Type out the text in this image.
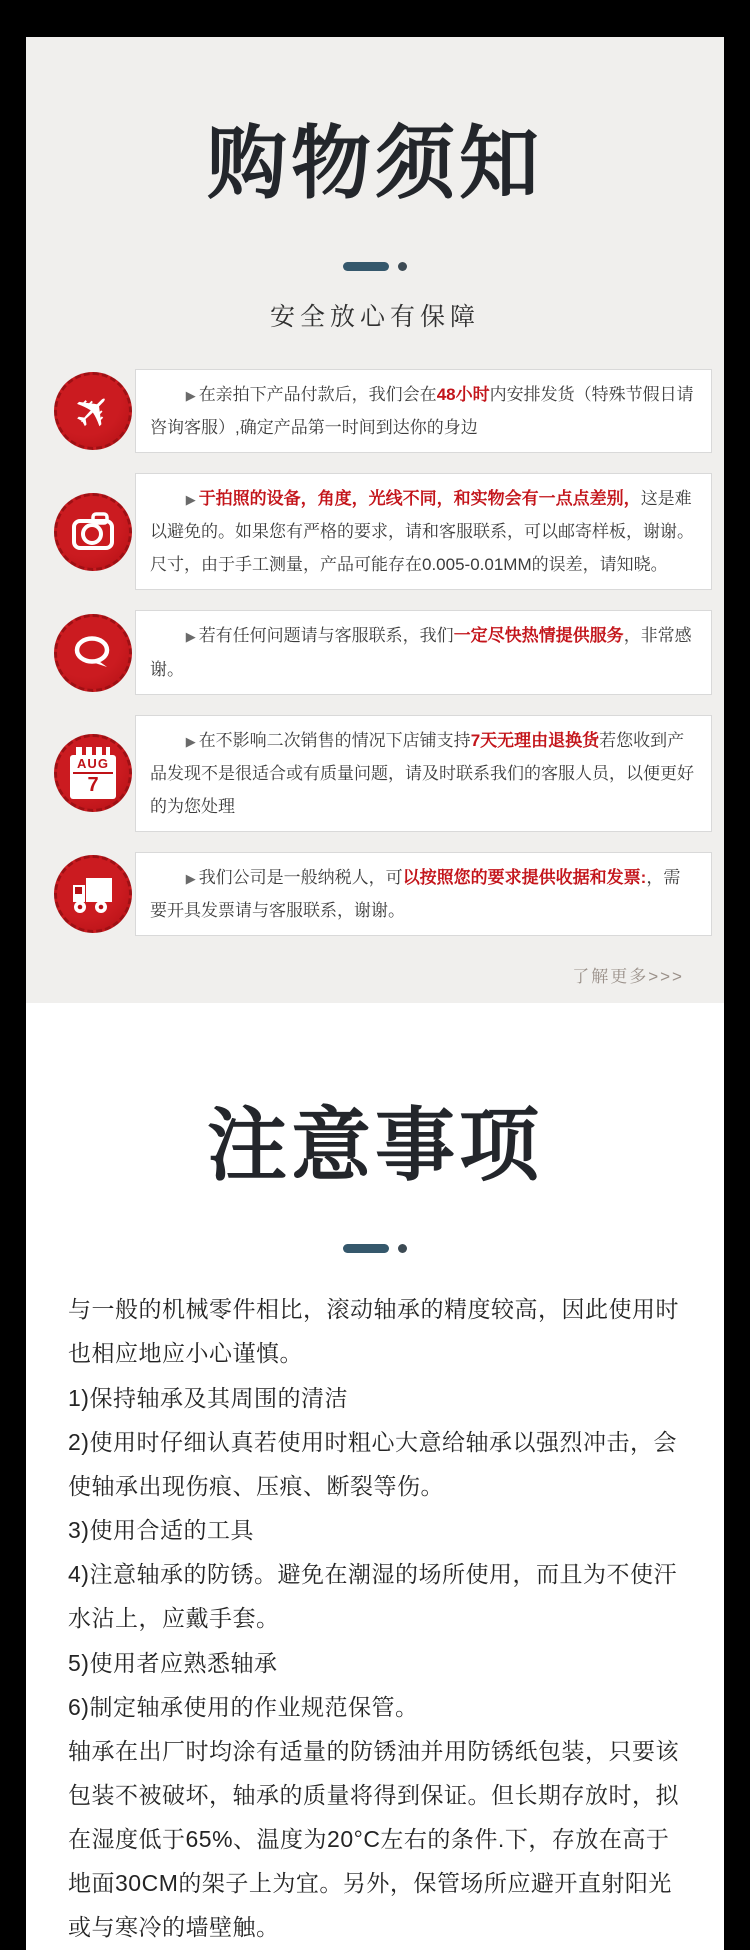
购物须知
安全放心有保障
✈	▶ 在亲拍下产品付款后，我们会在48小时内安排发货（特殊节假日请咨询客服）,确定产品第一时间到达你的身边

▶ 于拍照的设备，角度，光线不同，和实物会有一点点差别，这是难以避免的。如果您有严格的要求，请和客服联系，可以邮寄样板，谢谢。尺寸，由于手工测量，产品可能存在0.005-0.01MM的误差，请知晓。

▶ 若有任何问题请与客服联系，我们一定尽快热情提供服务，非常感谢。

AUG
7

▶ 在不影响二次销售的情况下店铺支持7天无理由退换货若您收到产品发现不是很适合或有质量问题，请及时联系我们的客服人员，以便更好的为您处理

▶ 我们公司是一般纳税人，可以按照您的要求提供收据和发票:，需要开具发票请与客服联系，谢谢。

了解更多>>>
注意事项

与一般的机械零件相比，滚动轴承的精度较高，因此使用时也相应地应小心谨慎。

1)保持轴承及其周围的清洁

2)使用时仔细认真若使用时粗心大意给轴承以强烈冲击，会使轴承出现伤痕、压痕、断裂等伤。

3)使用合适的工具

4)注意轴承的防锈。避免在潮湿的场所使用，而且为不使汗水沾上，应戴手套。

5)使用者应熟悉轴承

6)制定轴承使用的作业规范保管。

轴承在出厂时均涂有适量的防锈油并用防锈纸包装，只要该包装不被破坏，轴承的质量将得到保证。但长期存放时，拟在湿度低于65%、温度为20°C左右的条件.下，存放在高于地面30CM的架子上为宜。另外，保管场所应避开直射阳光或与寒冷的墙壁触。
